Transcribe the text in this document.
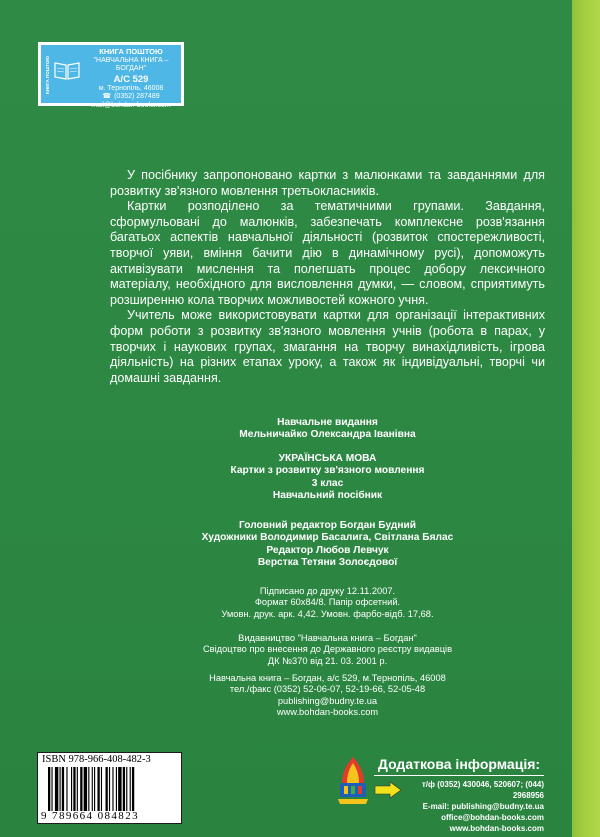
КНИГА ПОШТОЮ
КНИГА ПОШТОЮ
"НАВЧАЛЬНА КНИГА – БОГДАН"
А/С 529
м. Тернопіль, 46008
☎ (0352) 287489
mail@bohdan-books.com

У посібнику запропоновано картки з малюнками та завданнями для розвитку зв'язного мовлення третьокласників.

Картки розподілено за тематичними групами. Завдання, сформульовані до малюнків, забезпечать комплексне розв'язання багатьох аспектів навчальної діяльності (розвиток спостережливості, творчої уяви, вміння бачити дію в динамічному русі), допоможуть активізувати мислення та полегшать процес добору лексичного матеріалу, необхідного для висловлення думки, — словом, сприятимуть розширенню кола творчих можливостей кожного учня.

Учитель може використовувати картки для організації інтерактивних форм роботи з розвитку зв'язного мовлення учнів (робота в парах, у творчих і наукових групах, змагання на творчу винахідливість, ігрова діяльність) на різних етапах уроку, а також як індивідуальні, творчі чи домашні завдання.

Навчальне видання
Мельничайко Олександра Іванівна
УКРАЇНСЬКА МОВА
Картки з розвитку зв'язного мовлення
3 клас
Навчальний посібник
Головний редактор Богдан Будний
Художники Володимир Басалига, Світлана Бялас
Редактор Любов Левчук
Верстка Тетяни Золоєдової
Підписано до друку 12.11.2007.
Формат 60х84/8. Папір офсетний.
Умовн. друк. арк. 4,42. Умовн. фарбо-відб. 17,68.
Видавництво "Навчальна книга – Богдан"
Свідоцтво про внесення до Державного реєстру видавців
ДК №370 від 21. 03. 2001 р.
Навчальна книга – Богдан, а/с 529, м.Тернопіль, 46008
тел./факс (0352) 52-06-07, 52-19-66, 52-05-48
publishing@budny.te.ua
www.bohdan-books.com
ISBN 978-966-408-482-3
9 789664 084823
Додаткова інформація:
т/ф (0352) 430046, 520607; (044) 2968956
E-mail: publishing@budny.te.ua
office@bohdan-books.com
www.bohdan-books.com
